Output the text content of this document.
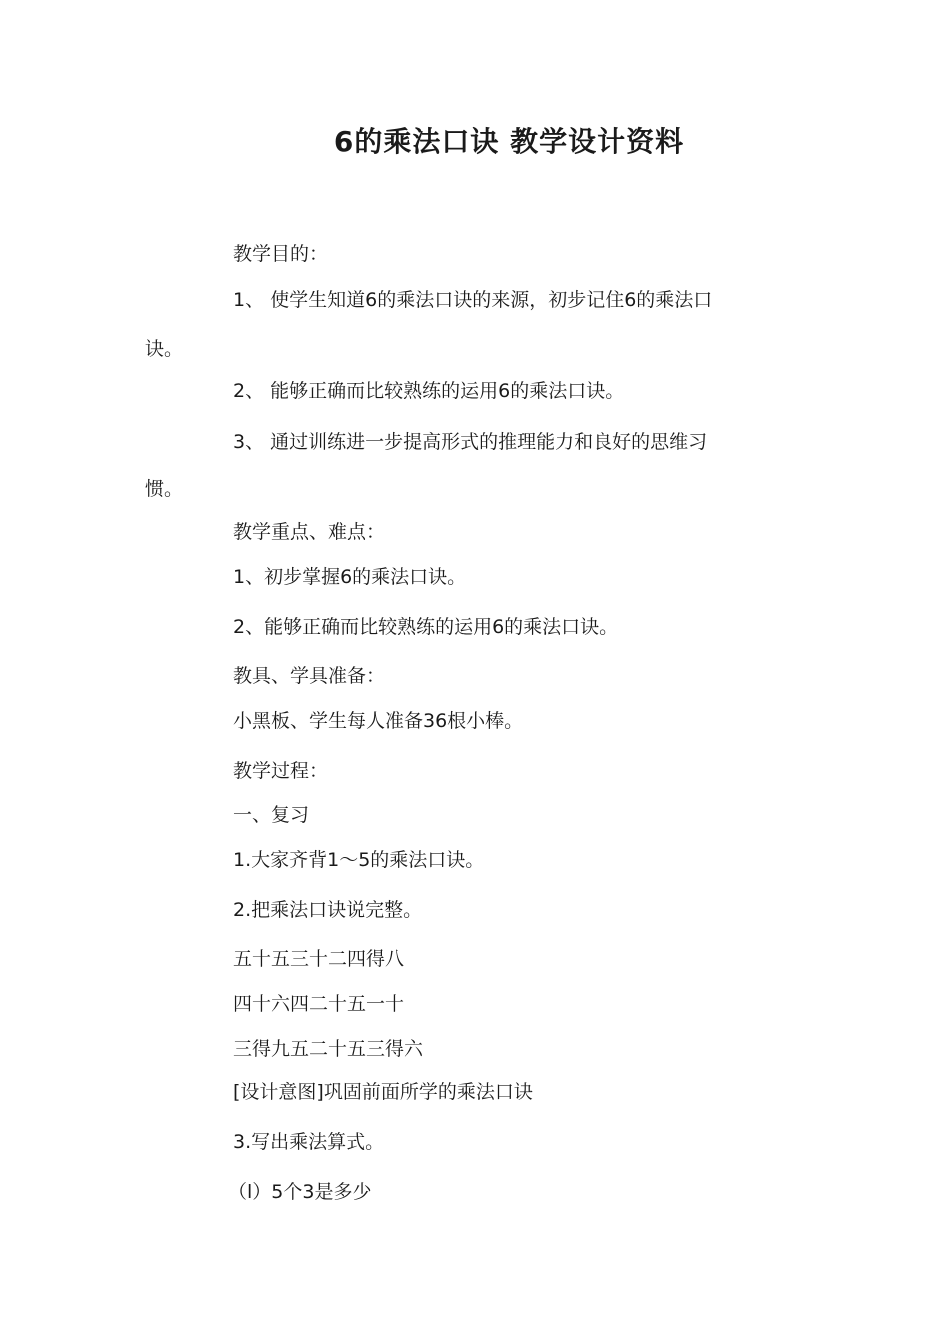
6的乘法口诀 教学设计资料
教学目的：
1、 使学生知道6的乘法口诀的来源，初步记住6的乘法口
诀。
2、 能够正确而比较熟练的运用6的乘法口诀。
3、 通过训练进一步提高形式的推理能力和良好的思维习
惯。
教学重点、难点：
1、初步掌握6的乘法口诀。
2、能够正确而比较熟练的运用6的乘法口诀。
教具、学具准备：
小黑板、学生每人准备36根小棒。
教学过程：
一、复习
1.大家齐背1～5的乘法口诀。
2.把乘法口诀说完整。
五十五三十二四得八
四十六四二十五一十
三得九五二十五三得六
[设计意图]巩固前面所学的乘法口诀
3.写出乘法算式。
（l）5个3是多少
